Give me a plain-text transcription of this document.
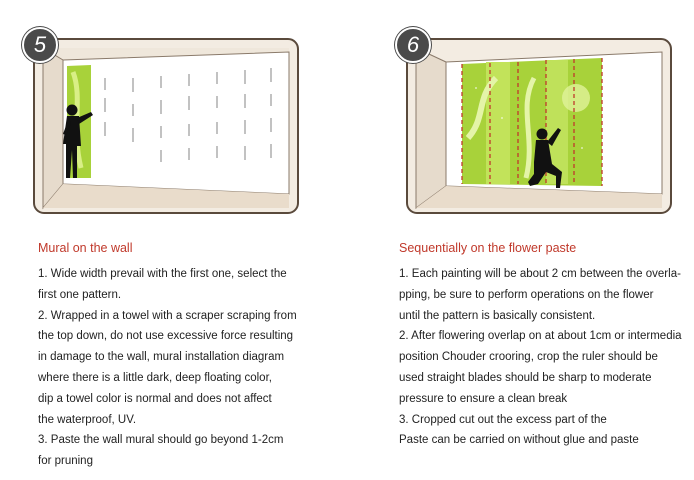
5	6
Mural on the wall
1. Wide width prevail with the first one, select the
first one pattern.
2. Wrapped in a towel with a scraper scraping from
the top down, do not use excessive force resulting
in damage to the wall, mural installation diagram
where there is a little dark, deep floating color,
dip a towel color is normal and does not affect
the waterproof, UV.
3. Paste the wall mural should go beyond 1-2cm
for pruning
Sequentially on the flower paste
1. Each painting will be about 2 cm between the overla-
pping, be sure to perform operations on the flower
until the pattern is basically consistent.
2. After flowering overlap on at about 1cm or intermedia
position Chouder crooring, crop the ruler should be
used straight blades should be sharp to moderate
pressure to ensure a clean break
3. Cropped cut out the excess part of the
Paste can be carried on without glue and paste
